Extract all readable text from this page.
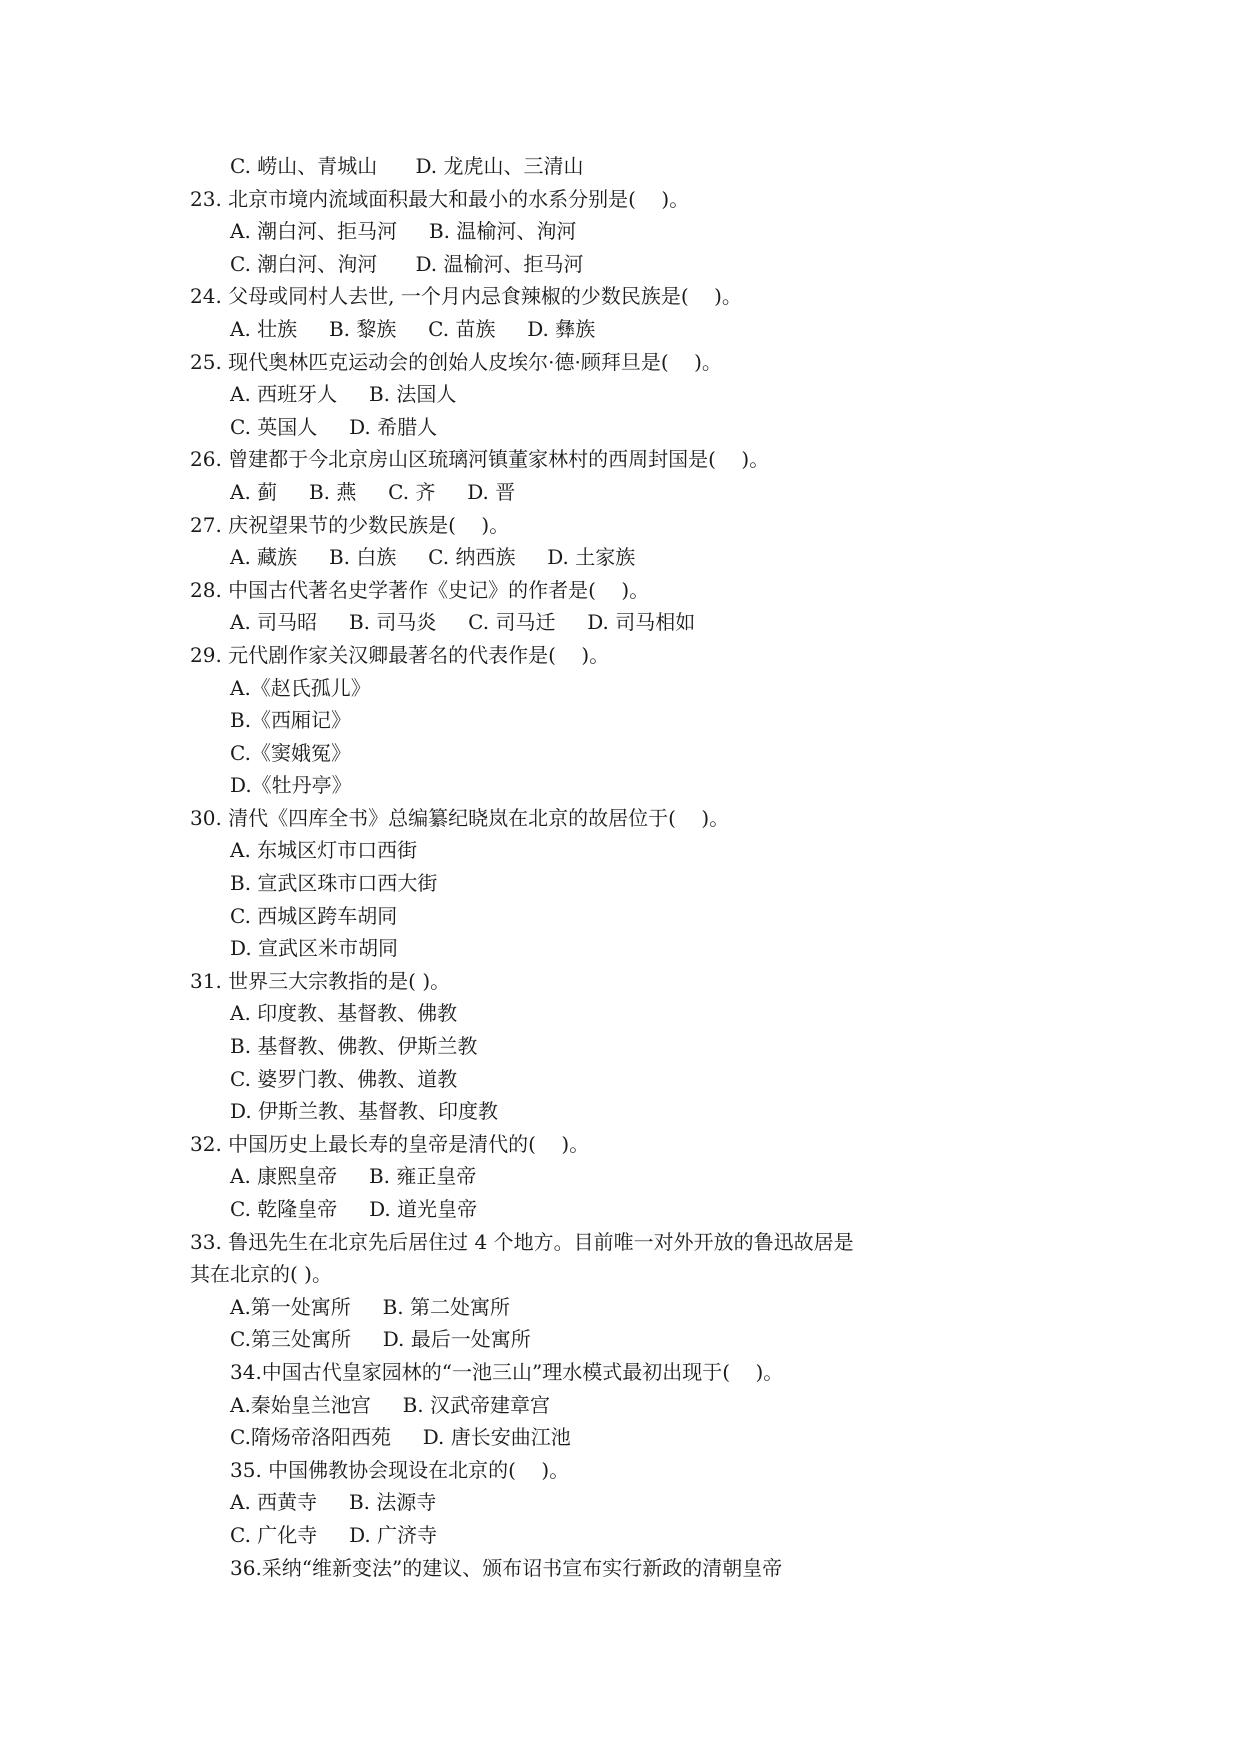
C. 崂山、青城山      D. 龙虎山、三清山
23. 北京市境内流域面积最大和最小的水系分别是(    )。
A. 潮白河、拒马河     B. 温榆河、洵河
C. 潮白河、洵河      D. 温榆河、拒马河
24. 父母或同村人去世, 一个月内忌食辣椒的少数民族是(    )。
A. 壮族     B. 黎族     C. 苗族     D. 彝族
25. 现代奥林匹克运动会的创始人皮埃尔·德·顾拜旦是(    )。
A. 西班牙人     B. 法国人
C. 英国人     D. 希腊人
26. 曾建都于今北京房山区琉璃河镇董家林村的西周封国是(    )。
A. 蓟     B. 燕     C. 齐     D. 晋
27. 庆祝望果节的少数民族是(    )。
A. 藏族     B. 白族     C. 纳西族     D. 土家族
28. 中国古代著名史学著作《史记》的作者是(    )。
A. 司马昭     B. 司马炎     C. 司马迁     D. 司马相如
29. 元代剧作家关汉卿最著名的代表作是(    )。
A.《赵氏孤儿》
B.《西厢记》
C.《窦娥冤》
D.《牡丹亭》
30. 清代《四库全书》总编纂纪晓岚在北京的故居位于(    )。
A. 东城区灯市口西街
B. 宣武区珠市口西大街
C. 西城区跨车胡同
D. 宣武区米市胡同
31. 世界三大宗教指的是( )。
A. 印度教、基督教、佛教
B. 基督教、佛教、伊斯兰教
C. 婆罗门教、佛教、道教
D. 伊斯兰教、基督教、印度教
32. 中国历史上最长寿的皇帝是清代的(    )。
A. 康熙皇帝     B. 雍正皇帝
C. 乾隆皇帝     D. 道光皇帝
33. 鲁迅先生在北京先后居住过 4 个地方。目前唯一对外开放的鲁迅故居是
其在北京的( )。
A.第一处寓所     B. 第二处寓所
C.第三处寓所     D. 最后一处寓所
34.中国古代皇家园林的“一池三山”理水模式最初出现于(    )。
A.秦始皇兰池宫     B. 汉武帝建章宫
C.隋炀帝洛阳西苑     D. 唐长安曲江池
35. 中国佛教协会现设在北京的(    )。
A. 西黄寺     B. 法源寺
C. 广化寺     D. 广济寺
36.采纳“维新变法”的建议、颁布诏书宣布实行新政的清朝皇帝
